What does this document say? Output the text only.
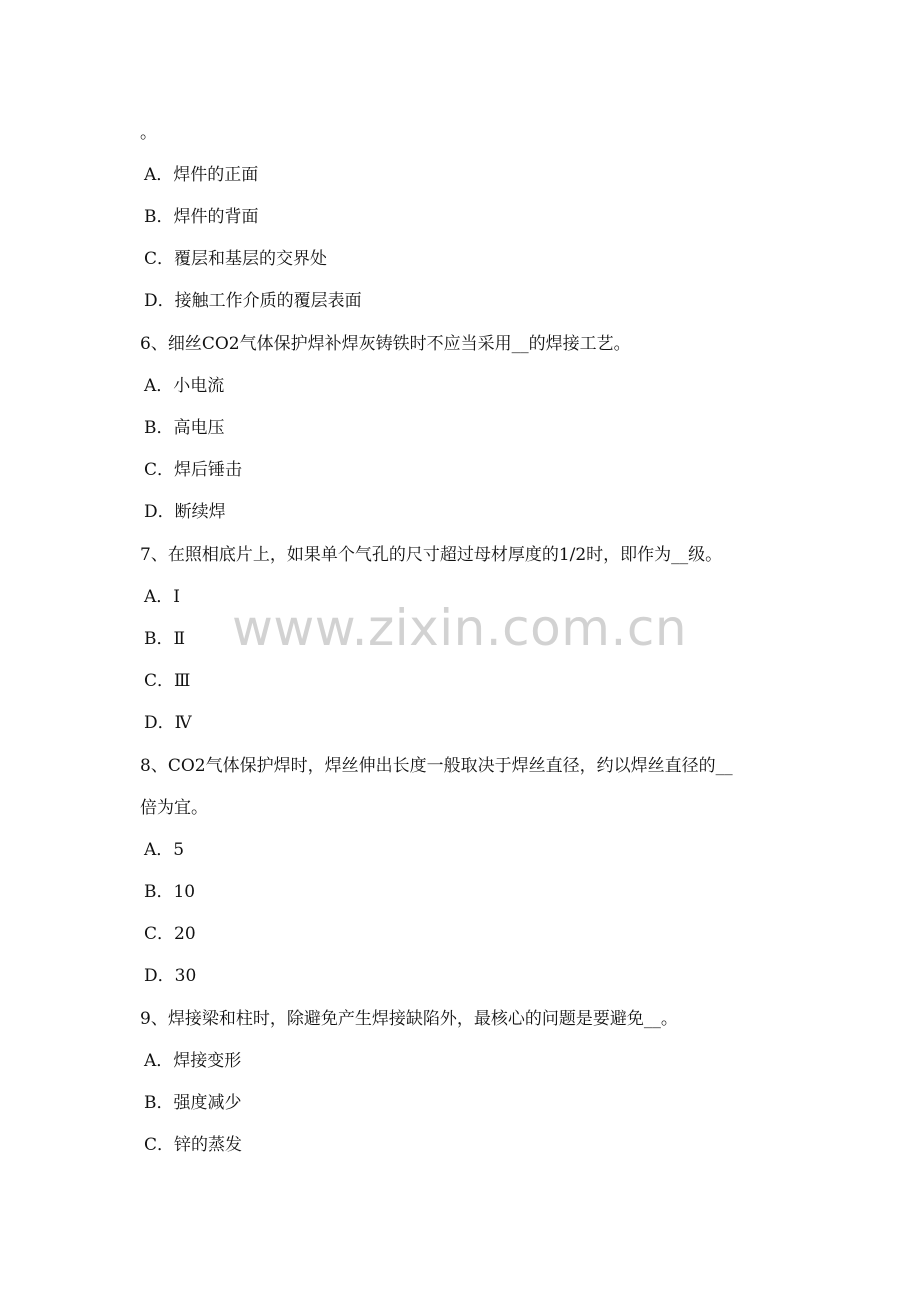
。
A．焊件的正面
B．焊件的背面
C．覆层和基层的交界处
D．接触工作介质的覆层表面
6、细丝CO2气体保护焊补焊灰铸铁时不应当采用__的焊接工艺。
A．小电流
B．高电压
C．焊后锤击
D．断续焊
7、在照相底片上，如果单个气孔的尺寸超过母材厚度的1/2时，即作为__级。
A．Ⅰ
B．Ⅱ
C．Ⅲ
D．Ⅳ
8、CO2气体保护焊时，焊丝伸出长度一般取决于焊丝直径，约以焊丝直径的__
倍为宜。
A．5
B．10
C．20
D．30
9、焊接梁和柱时，除避免产生焊接缺陷外，最核心的问题是要避免__。
A．焊接变形
B．强度减少
C．锌的蒸发
www.zixin.com.cn
